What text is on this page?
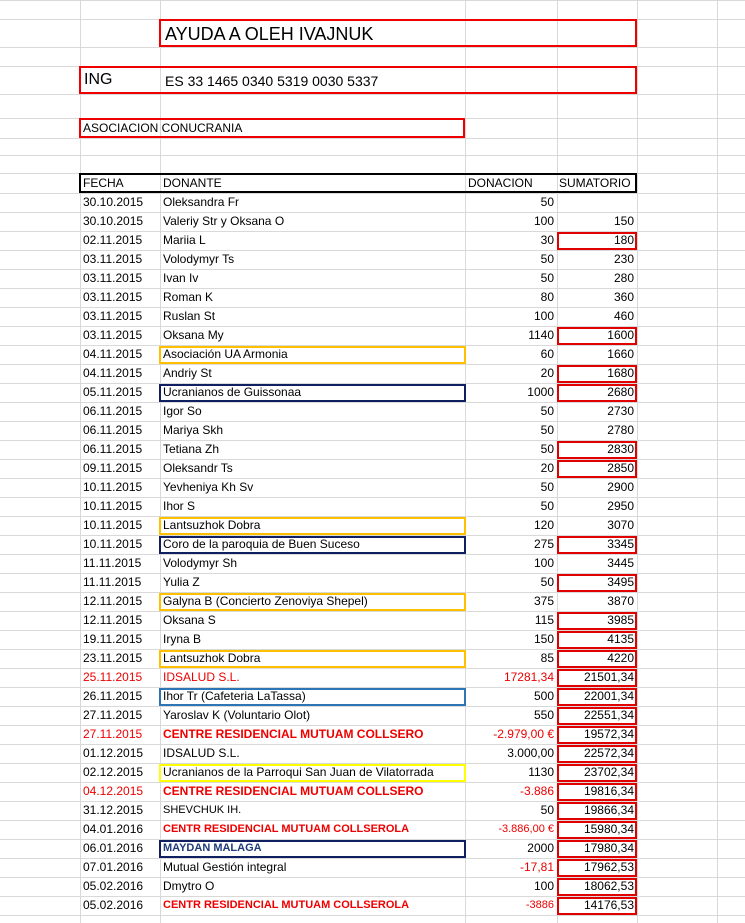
AYUDA A OLEH IVAJNUK
ING	ES 33 1465 0340 5319 0030 5337
ASOCIACION CONUCRANIA
FECHA	DONANTE	DONACION SUMATORIO
30.10.2015 Oleksandra Fr	50
30.10.2015 Valeriy Str y Oksana O	100	150
02.11.2015 Mariia L	30	180
03.11.2015 Volodymyr Ts	50	230
03.11.2015 Ivan Iv	50	280
03.11.2015 Roman K	80	360
03.11.2015 Ruslan St	100	460
03.11.2015 Oksana My	1140	1600
04.11.2015 Asociación UA Armonia	60	1660
04.11.2015 Andriy St	20	1680
05.11.2015 Ucranianos de Guissonaa	1000	2680
06.11.2015 Igor So	50	2730
06.11.2015 Mariya Skh	50	2780
06.11.2015 Tetiana Zh	50	2830
09.11.2015 Oleksandr Ts	20	2850
10.11.2015 Yevheniya Kh Sv	50	2900
10.11.2015 Ihor S	50	2950
10.11.2015 Lantsuzhok Dobra	120	3070
10.11.2015 Coro de la paroquia de Buen Suceso	275	3345
11.11.2015 Volodymyr Sh	100	3445
11.11.2015 Yulia Z	50	3495
12.11.2015 Galyna B (Concierto Zenoviya Shepel)	375	3870
12.11.2015 Oksana S	115	3985
19.11.2015 Iryna B	150	4135
23.11.2015 Lantsuzhok Dobra	85	4220
25.11.2015 IDSALUD S.L.	17281,34	21501,34
26.11.2015 Ihor Tr (Cafeteria LaTassa)	500	22001,34
27.11.2015 Yaroslav K (Voluntario Olot)	550	22551,34
27.11.2015 CENTRE RESIDENCIAL MUTUAM COLLSERO	-2.979,00 €	19572,34
01.12.2015 IDSALUD S.L.	3.000,00	22572,34
02.12.2015 Ucranianos de la Parroqui San Juan de Vilatorrada	1130	23702,34
04.12.2015 CENTRE RESIDENCIAL MUTUAM COLLSERO	-3.886	19816,34
31.12.2015 SHEVCHUK IH.	50	19866,34
04.01.2016 CENTR RESIDENCIAL MUTUAM COLLSEROLA	-3.886,00 €	15980,34
06.01.2016 MAYDAN MALAGA	2000	17980,34
07.01.2016 Mutual Gestión integral	-17,81	17962,53
05.02.2016 Dmytro O	100	18062,53
05.02.2016 CENTR RESIDENCIAL MUTUAM COLLSEROLA	-3886	14176,53
